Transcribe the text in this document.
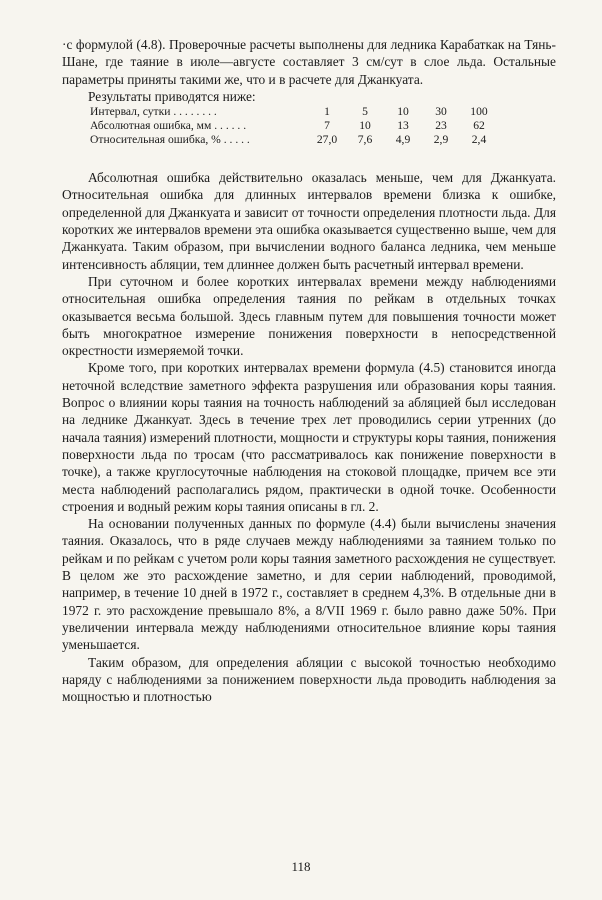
·с формулой (4.8). Проверочные расчеты выполнены для ледника Карабаткак на Тянь-Шане, где таяние в июле—августе составляет 3 см/сут в слое льда. Остальные параметры приняты такими же, что и в расчете для Джанкуата.

Результаты приводятся ниже:

Интервал, сутки . . . . . . . .	1	5	10	30	100
Абсолютная ошибка, мм . . . . . .	7	10	13	23	62
Относительная ошибка, % . . . . .	27,0	7,6	4,9	2,9	2,4

Абсолютная ошибка действительно оказалась меньше, чем для Джанкуата. Относительная ошибка для длинных интервалов времени близка к ошибке, определенной для Джанкуата и зависит от точности определения плотности льда. Для коротких же интервалов времени эта ошибка оказывается существенно выше, чем для Джанкуата. Таким образом, при вычислении водного баланса ледника, чем меньше интенсивность абляции, тем длиннее должен быть расчетный интервал времени.

При суточном и более коротких интервалах времени между наблюдениями относительная ошибка определения таяния по рейкам в отдельных точках оказывается весьма большой. Здесь главным путем для повышения точности может быть многократное измерение понижения поверхности в непосредственной окрестности измеряемой точки.

Кроме того, при коротких интервалах времени формула (4.5) становится иногда неточной вследствие заметного эффекта разрушения или образования коры таяния. Вопрос о влиянии коры таяния на точность наблюдений за абляцией был исследован на леднике Джанкуат. Здесь в течение трех лет проводились серии утренних (до начала таяния) измерений плотности, мощности и структуры коры таяния, понижения поверхности льда по тросам (что рассматривалось как понижение поверхности в точке), а также круглосуточные наблюдения на стоковой площадке, причем все эти места наблюдений располагались рядом, практически в одной точке. Особенности строения и водный режим коры таяния описаны в гл. 2.

На основании полученных данных по формуле (4.4) были вычислены значения таяния. Оказалось, что в ряде случаев между наблюдениями за таянием только по рейкам и по рейкам с учетом роли коры таяния заметного расхождения не существует. В целом же это расхождение заметно, и для серии наблюдений, проводимой, например, в течение 10 дней в 1972 г., составляет в среднем 4,3%. В отдельные дни в 1972 г. это расхождение превышало 8%, а 8/VII 1969 г. было равно даже 50%. При увеличении интервала между наблюдениями относительное влияние коры таяния уменьшается.

Таким образом, для определения абляции с высокой точностью необходимо наряду с наблюдениями за понижением поверхности льда проводить наблюдения за мощностью и плотностью

118
